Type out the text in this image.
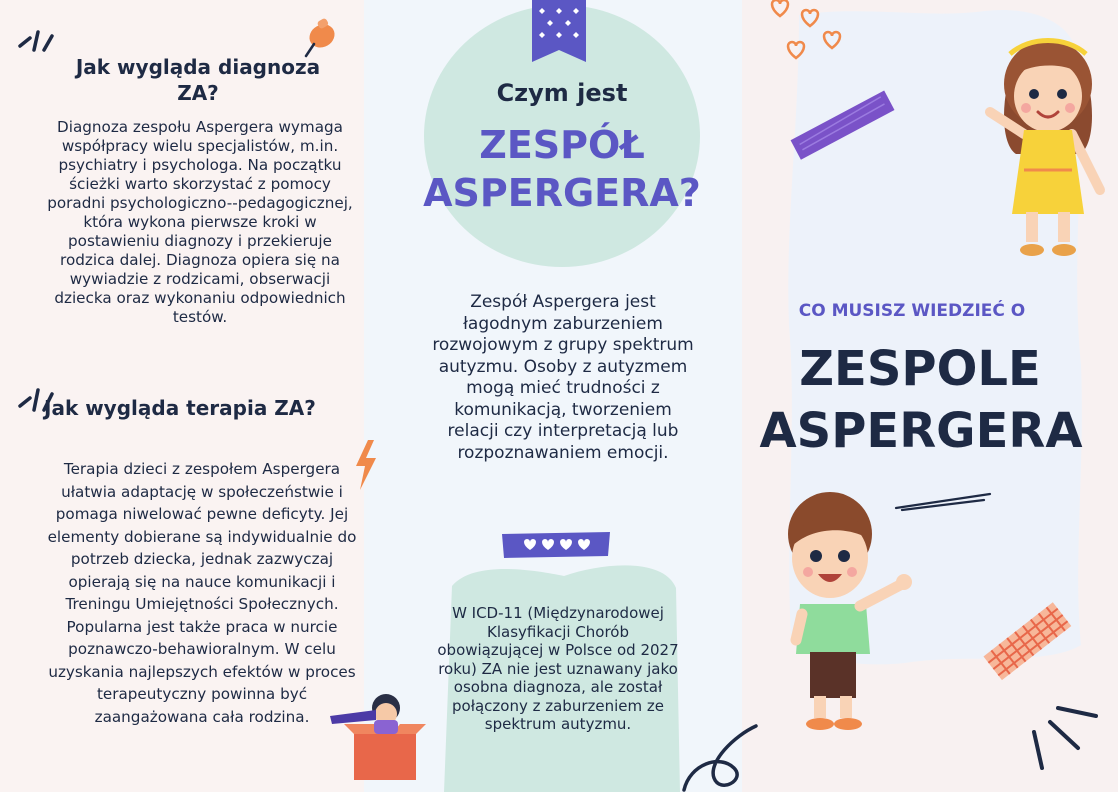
Jak wygląda diagnoza ZA?
Diagnoza zespołu Aspergera wymaga współpracy wielu specjalistów, m.in. psychiatry i psychologa. Na początku ścieżki warto skorzystać z pomocy poradni psychologiczno--pedagogicznej, która wykona pierwsze kroki w postawieniu diagnozy i przekieruje rodzica dalej. Diagnoza opiera się na wywiadzie z rodzicami, obserwacji dziecka oraz wykonaniu odpowiednich testów.
Jak wygląda terapia ZA?
Terapia dzieci z zespołem Aspergera ułatwia adaptację w społeczeństwie i pomaga niwelować pewne deficyty. Jej elementy dobierane są indywidualnie do potrzeb dziecka, jednak zazwyczaj opierają się na nauce komunikacji i Treningu Umiejętności Społecznych. Popularna jest także praca w nurcie poznawczo-behawioralnym. W celu uzyskania najlepszych efektów w proces terapeutyczny powinna być zaangażowana cała rodzina.
Czym jest
ZESPÓŁ
ASPERGERA?
Zespół Aspergera jest łagodnym zaburzeniem rozwojowym z grupy spektrum autyzmu. Osoby z autyzmem mogą mieć trudności z komunikacją, tworzeniem relacji czy interpretacją lub rozpoznawaniem emocji.
W ICD-11 (Międzynarodowej Klasyfikacji Chorób obowiązującej w Polsce od 2027 roku) ZA nie jest uznawany jako osobna diagnoza, ale został połączony z zaburzeniem ze spektrum autyzmu.
CO MUSISZ WIEDZIEĆ O
ZESPOLE
ASPERGERA
